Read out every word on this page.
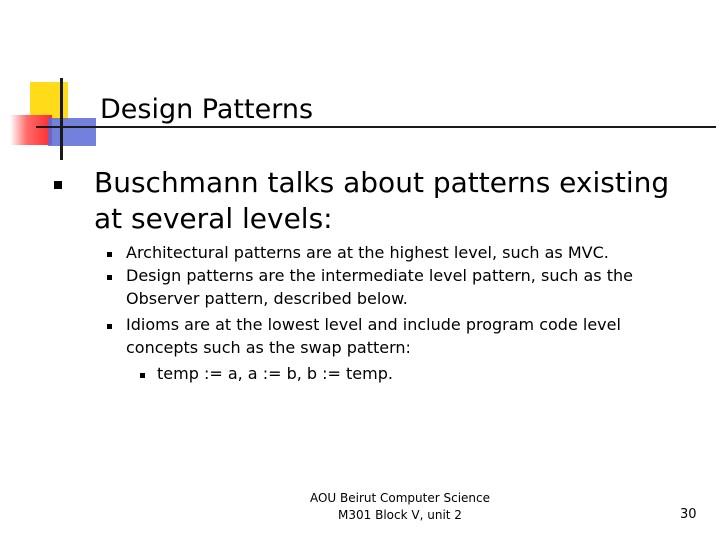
Design Patterns
Buschmann talks about patterns existing at several levels:
Architectural patterns are at the highest level, such as MVC.
Design patterns are the intermediate level pattern, such as the Observer pattern, described below.
Idioms are at the lowest level and include program code level concepts such as the swap pattern:
temp := a, a := b, b := temp.
AOU Beirut Computer Science
M301 Block V, unit 2	30
